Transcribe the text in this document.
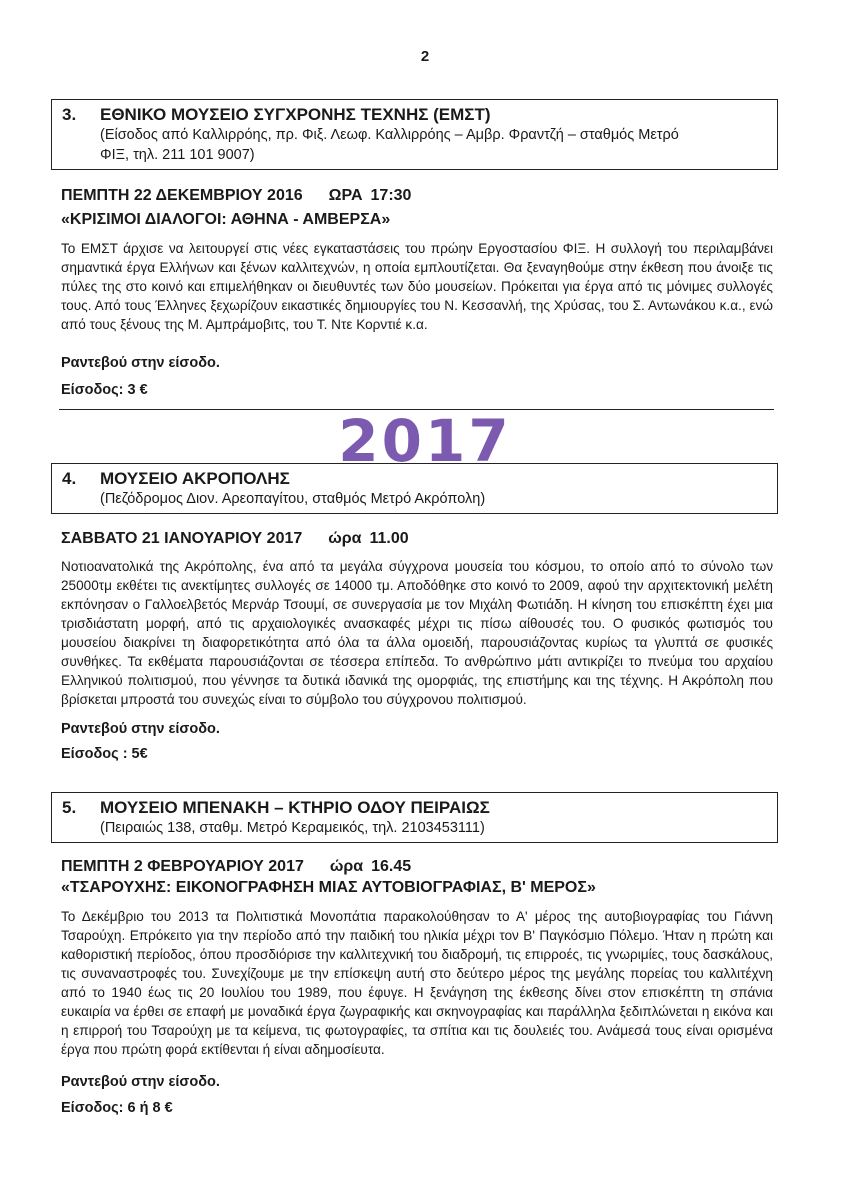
2
3.	ΕΘΝΙΚΟ ΜΟΥΣΕΙΟ ΣΥΓΧΡΟΝΗΣ ΤΕΧΝΗΣ (ΕΜΣΤ)
(Είσοδος από Καλλιρρόης, πρ. Φιξ. Λεωφ. Καλλιρρόης – Αμβρ. Φραντζή – σταθμός Μετρό
ΦΙΞ, τηλ. 211 101 9007)
ΠΕΜΠΤΗ 22 ΔΕΚΕΜΒΡΙΟΥ 2016 ΩΡΑ 17:30
«ΚΡΙΣΙΜΟΙ ΔΙΑΛΟΓΟΙ: ΑΘΗΝΑ - ΑΜΒΕΡΣΑ»

Το ΕΜΣΤ άρχισε να λειτουργεί στις νέες εγκαταστάσεις του πρώην Εργοστασίου ΦΙΞ. Η συλλογή του περιλαμβάνει σημαντικά έργα Ελλήνων και ξένων καλλιτεχνών, η οποία εμπλουτίζεται. Θα ξεναγηθούμε στην έκθεση που άνοιξε τις πύλες της στο κοινό και επιμελήθηκαν οι διευθυντές των δύο μουσείων. Πρόκειται για έργα από τις μόνιμες συλλογές τους. Από τους Έλληνες ξεχωρίζουν εικαστικές δημιουργίες του Ν. Κεσσανλή, της Χρύσας, του Σ. Αντωνάκου κ.α., ενώ από τους ξένους της Μ. Αμπράμοβιτς, του Τ. Ντε Κορντιέ κ.α.

Ραντεβού στην είσοδο.
Είσοδος: 3 €
2017
4.	ΜΟΥΣΕΙΟ ΑΚΡΟΠΟΛΗΣ
(Πεζόδρομος Διον. Αρεοπαγίτου, σταθμός Μετρό Ακρόπολη)
ΣΑΒΒΑΤΟ 21 ΙΑΝΟΥΑΡΙΟΥ 2017 ώρα 11.00

Νοτιοανατολικά της Ακρόπολης, ένα από τα μεγάλα σύγχρονα μουσεία του κόσμου, το οποίο από το σύνολο των 25000τμ εκθέτει τις ανεκτίμητες συλλογές σε 14000 τμ. Αποδόθηκε στο κοινό το 2009, αφού την αρχιτεκτονική μελέτη εκπόνησαν ο Γαλλοελβετός Μερνάρ Τσουμί, σε συνεργασία με τον Μιχάλη Φωτιάδη. Η κίνηση του επισκέπτη έχει μια τρισδιάστατη μορφή, από τις αρχαιολογικές ανασκαφές μέχρι τις πίσω αίθουσές του. Ο φυσικός φωτισμός του μουσείου διακρίνει τη διαφορετικότητα από όλα τα άλλα ομοειδή, παρουσιάζοντας κυρίως τα γλυπτά σε φυσικές συνθήκες. Τα εκθέματα παρουσιάζονται σε τέσσερα επίπεδα. Το ανθρώπινο μάτι αντικρίζει το πνεύμα του αρχαίου Ελληνικού πολιτισμού, που γέννησε τα δυτικά ιδανικά της ομορφιάς, της επιστήμης και της τέχνης. Η Ακρόπολη που βρίσκεται μπροστά του συνεχώς είναι το σύμβολο του σύγχρονου πολιτισμού.

Ραντεβού στην είσοδο.
Είσοδος : 5€
5.	ΜΟΥΣΕΙΟ ΜΠΕΝΑΚΗ – ΚΤΗΡΙΟ ΟΔΟΥ ΠΕΙΡΑΙΩΣ
(Πειραιώς 138, σταθμ. Μετρό Κεραμεικός, τηλ. 2103453111)
ΠΕΜΠΤΗ 2 ΦΕΒΡΟΥΑΡΙΟΥ 2017 ώρα 16.45
«ΤΣΑΡΟΥΧΗΣ: ΕΙΚΟΝΟΓΡΑΦΗΣΗ ΜΙΑΣ ΑΥΤΟΒΙΟΓΡΑΦΙΑΣ, Β' ΜΕΡΟΣ»

Το Δεκέμβριο του 2013 τα Πολιτιστικά Μονοπάτια παρακολούθησαν το Α' μέρος της αυτοβιογραφίας του Γιάννη Τσαρούχη. Επρόκειτο για την περίοδο από την παιδική του ηλικία μέχρι τον Β' Παγκόσμιο Πόλεμο. Ήταν η πρώτη και καθοριστική περίοδος, όπου προσδιόρισε την καλλιτεχνική του διαδρομή, τις επιρροές, τις γνωριμίες, τους δασκάλους, τις συναναστροφές του. Συνεχίζουμε με την επίσκεψη αυτή στο δεύτερο μέρος της μεγάλης πορείας του καλλιτέχνη από το 1940 έως τις 20 Ιουλίου του 1989, που έφυγε. Η ξενάγηση της έκθεσης δίνει στον επισκέπτη τη σπάνια ευκαιρία να έρθει σε επαφή με μοναδικά έργα ζωγραφικής και σκηνογραφίας και παράλληλα ξεδιπλώνεται η εικόνα και η επιρροή του Τσαρούχη με τα κείμενα, τις φωτογραφίες, τα σπίτια και τις δουλειές του. Ανάμεσά τους είναι ορισμένα έργα που πρώτη φορά εκτίθενται ή είναι αδημοσίευτα.

Ραντεβού στην είσοδο.
Είσοδος: 6 ή 8 €
